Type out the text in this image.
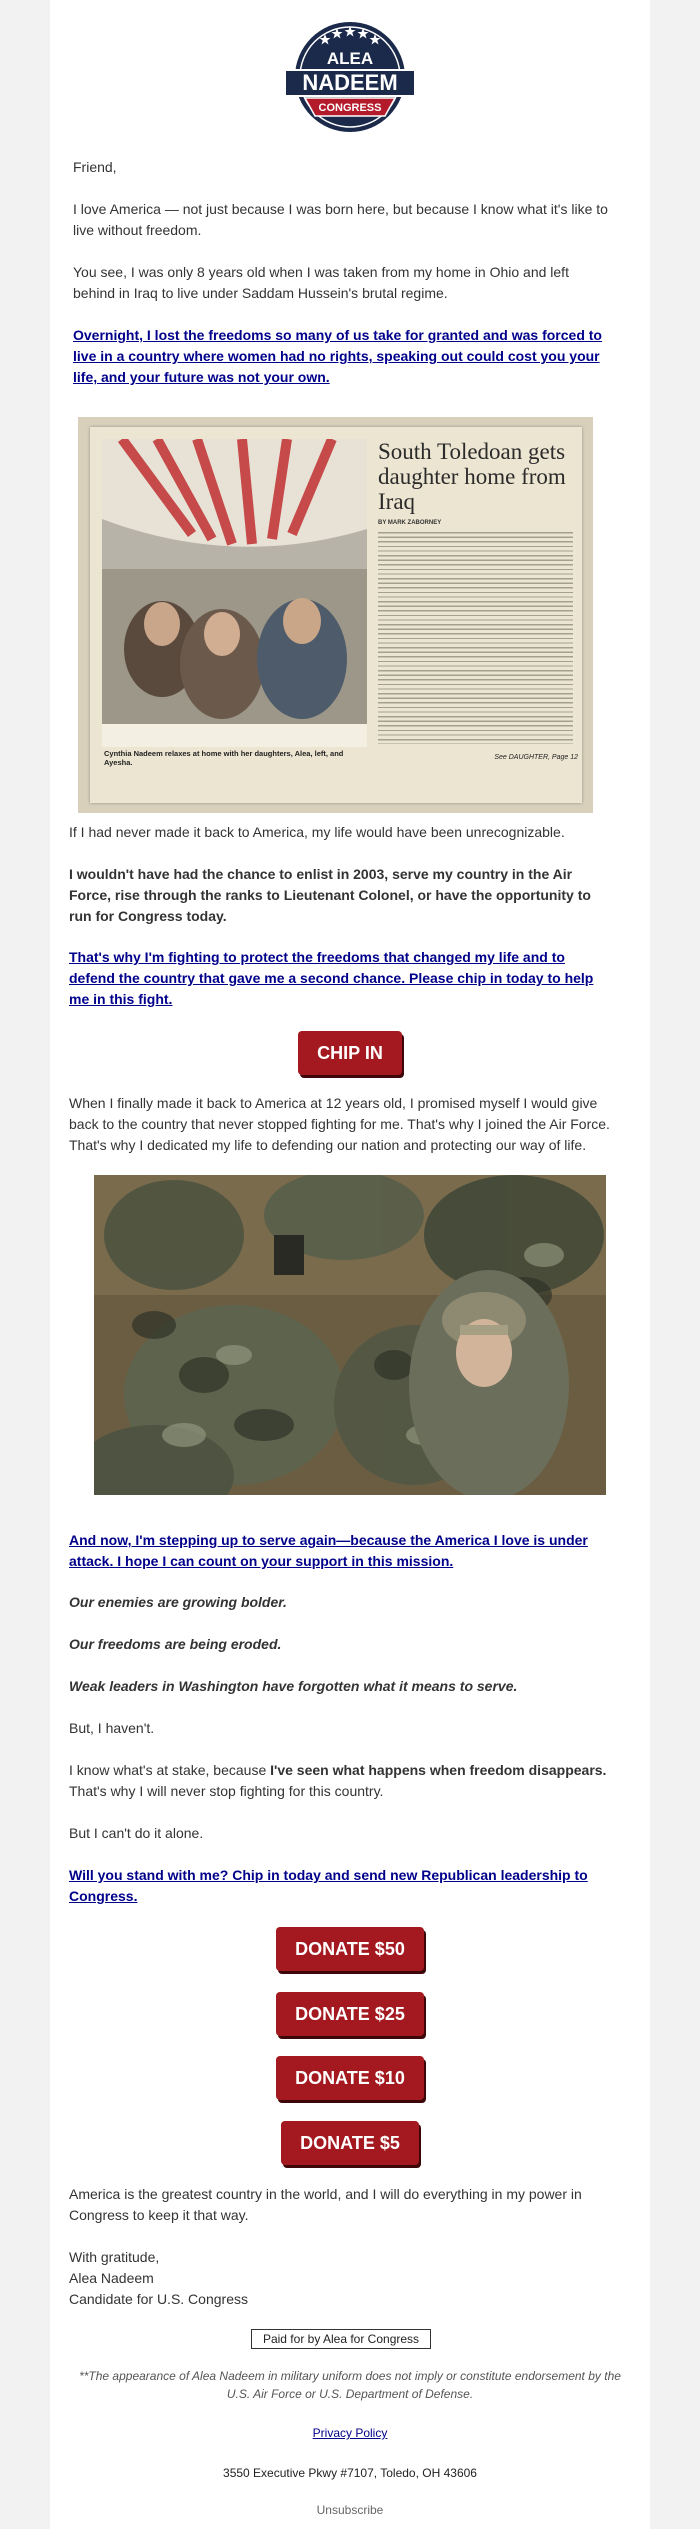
ALEA
NADEEM
CONGRESS
Friend,
I love America — not just because I was born here, but because I know what it's like to live without freedom.
You see, I was only 8 years old when I was taken from my home in Ohio and left behind in Iraq to live under Saddam Hussein's brutal regime.
Overnight, I lost the freedoms so many of us take for granted and was forced to live in a country where women had no rights, speaking out could cost you your life, and your future was not your own.
Cynthia Nadeem relaxes at home with her daughters, Alea, left, and Ayesha.
South Toledoan gets daughter home from Iraq
BY MARK ZABORNEY
See DAUGHTER, Page 12
If I had never made it back to America, my life would have been unrecognizable.
I wouldn't have had the chance to enlist in 2003, serve my country in the Air Force, rise through the ranks to Lieutenant Colonel, or have the opportunity to run for Congress today.
That's why I'm fighting to protect the freedoms that changed my life and to defend the country that gave me a second chance. Please chip in today to help me in this fight.
CHIP IN
When I finally made it back to America at 12 years old, I promised myself I would give back to the country that never stopped fighting for me. That's why I joined the Air Force. That's why I dedicated my life to defending our nation and protecting our way of life.
And now, I'm stepping up to serve again—because the America I love is under attack. I hope I can count on your support in this mission.
Our enemies are growing bolder.
Our freedoms are being eroded.
Weak leaders in Washington have forgotten what it means to serve.
But, I haven't.
I know what's at stake, because I've seen what happens when freedom disappears. That's why I will never stop fighting for this country.
But I can't do it alone.
Will you stand with me? Chip in today and send new Republican leadership to Congress.
DONATE $50
DONATE $25
DONATE $10
DONATE $5
America is the greatest country in the world, and I will do everything in my power in Congress to keep it that way.
With gratitude,
Alea Nadeem
Candidate for U.S. Congress
Paid for by Alea for Congress
**The appearance of Alea Nadeem in military uniform does not imply or constitute endorsement by the U.S. Air Force or U.S. Department of Defense.
Privacy Policy
3550 Executive Pkwy #7107, Toledo, OH 43606
Unsubscribe
